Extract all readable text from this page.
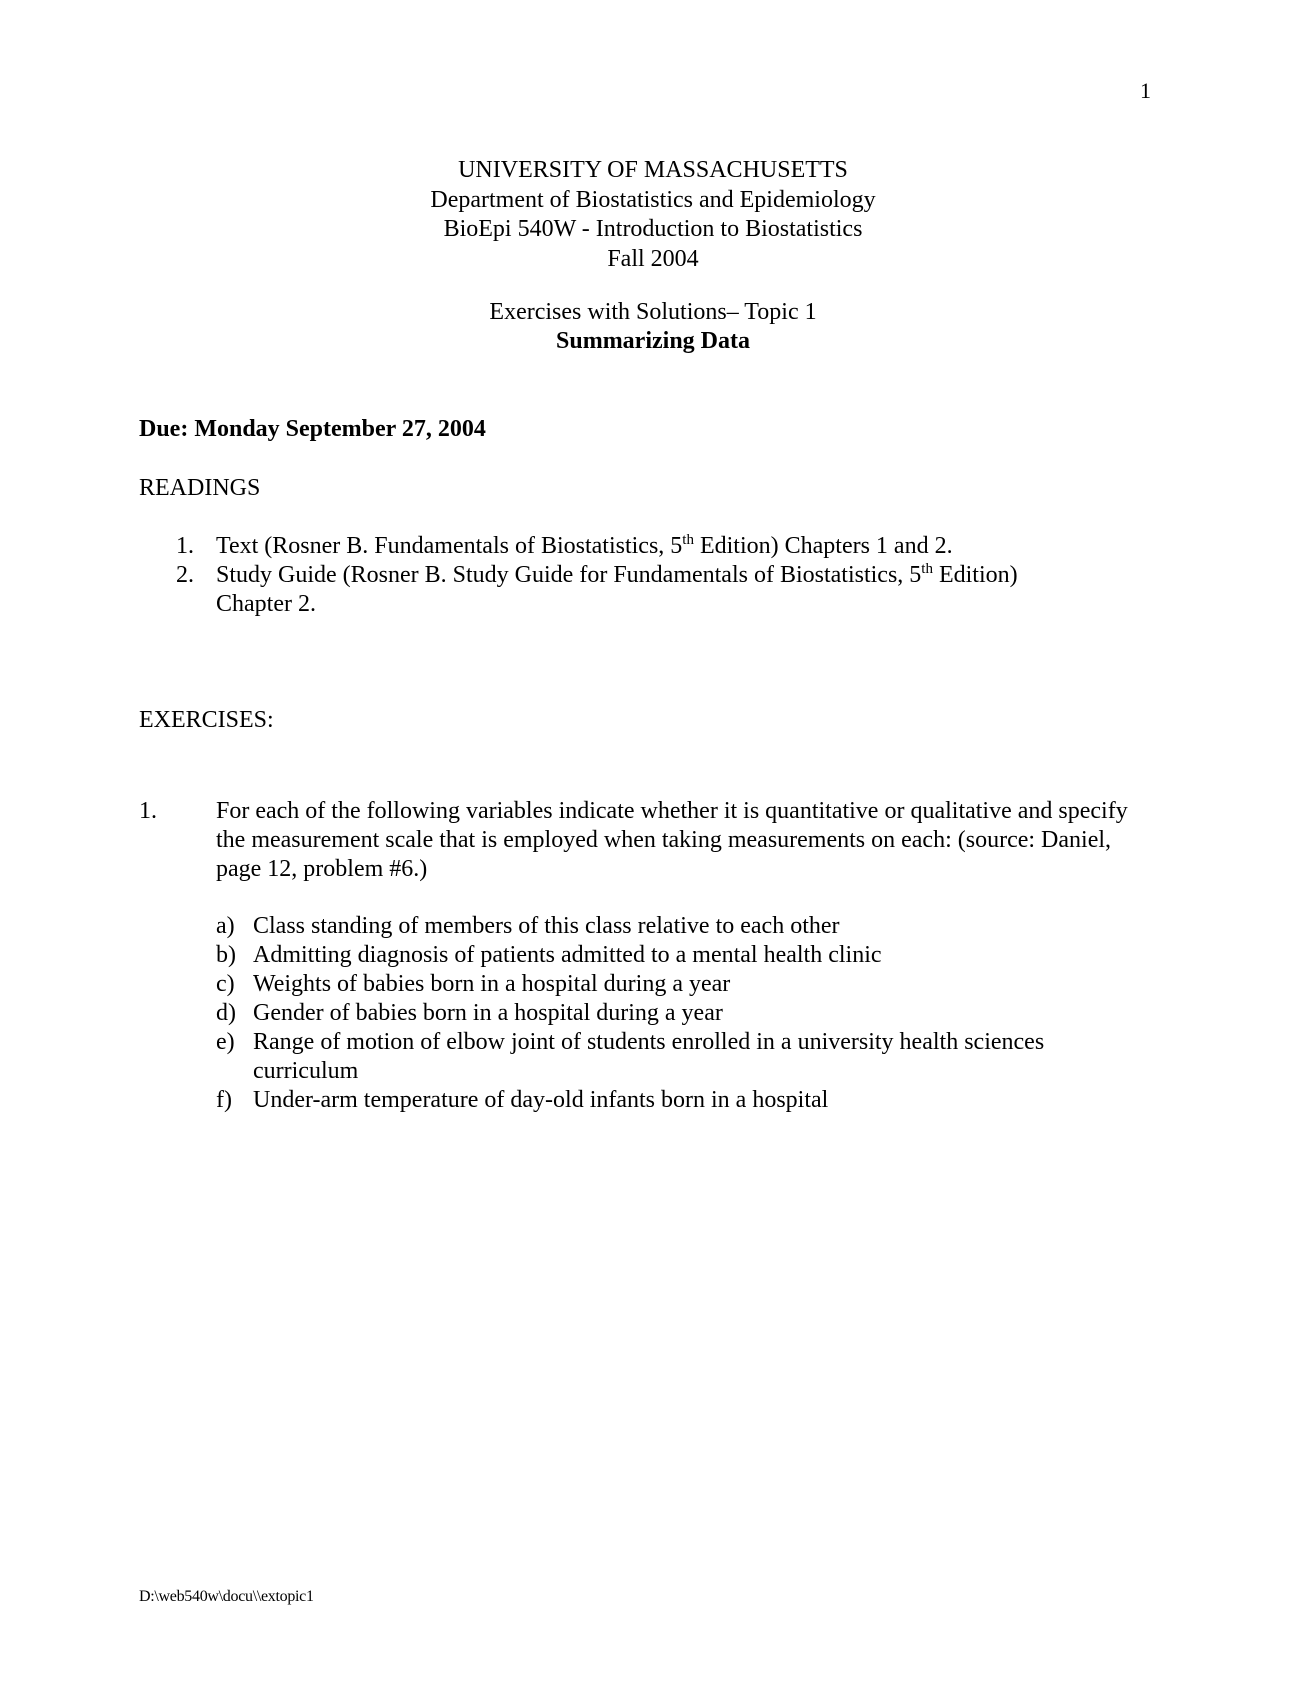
1
UNIVERSITY OF MASSACHUSETTS
Department of Biostatistics and Epidemiology
BioEpi 540W - Introduction to Biostatistics
Fall 2004
Exercises with Solutions– Topic 1
Summarizing Data
Due: Monday September 27, 2004
READINGS
1. Text (Rosner B. Fundamentals of Biostatistics, 5th Edition) Chapters 1 and 2.
2. Study Guide (Rosner B. Study Guide for Fundamentals of Biostatistics, 5th Edition) Chapter 2.
EXERCISES:
1. For each of the following variables indicate whether it is quantitative or qualitative and specify the measurement scale that is employed when taking measurements on each: (source: Daniel, page 12, problem #6.)
a) Class standing of members of this class relative to each other
b) Admitting diagnosis of patients admitted to a mental health clinic
c) Weights of babies born in a hospital during a year
d) Gender of babies born in a hospital during a year
e) Range of motion of elbow joint of students enrolled in a university health sciences curriculum
f) Under-arm temperature of day-old infants born in a hospital
D:\web540w\docu\\extopic1
